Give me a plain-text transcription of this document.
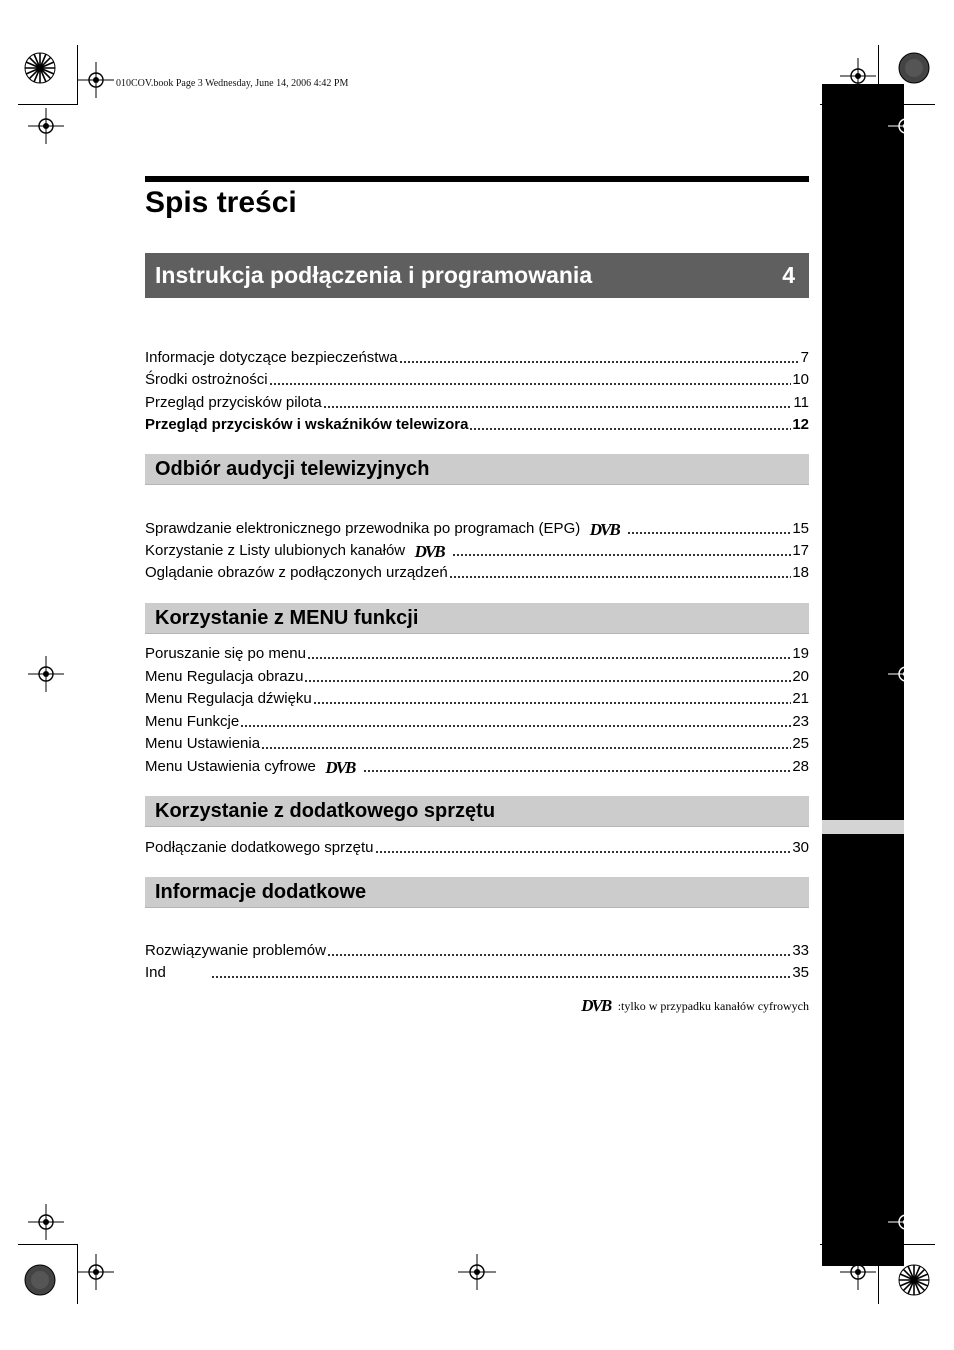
010COV.book Page 3 Wednesday, June 14, 2006 4:42 PM
Spis treści
Instrukcja podłączenia i programowania	4
Informacje dotyczące bezpieczeństwa	7
Środki ostrożności	10
Przegląd przycisków pilota	11
Przegląd przycisków i wskaźników telewizora	12
Odbiór audycji telewizyjnych
Sprawdzanie elektronicznego przewodnika po programach (EPG) DVB	15
Korzystanie z Listy ulubionych kanałów DVB	17
Oglądanie obrazów z podłączonych urządzeń	18
Korzystanie z MENU funkcji
Poruszanie się po menu	19
Menu Regulacja obrazu	20
Menu Regulacja dźwięku	21
Menu Funkcje	23
Menu Ustawienia	25
Menu Ustawienia cyfrowe DVB	28
Korzystanie z dodatkowego sprzętu
Podłączanie dodatkowego sprzętu	30
Informacje dodatkowe
Rozwiązywanie problemów	33
Ind	35
DVB :tylko w przypadku kanałów cyfrowych
